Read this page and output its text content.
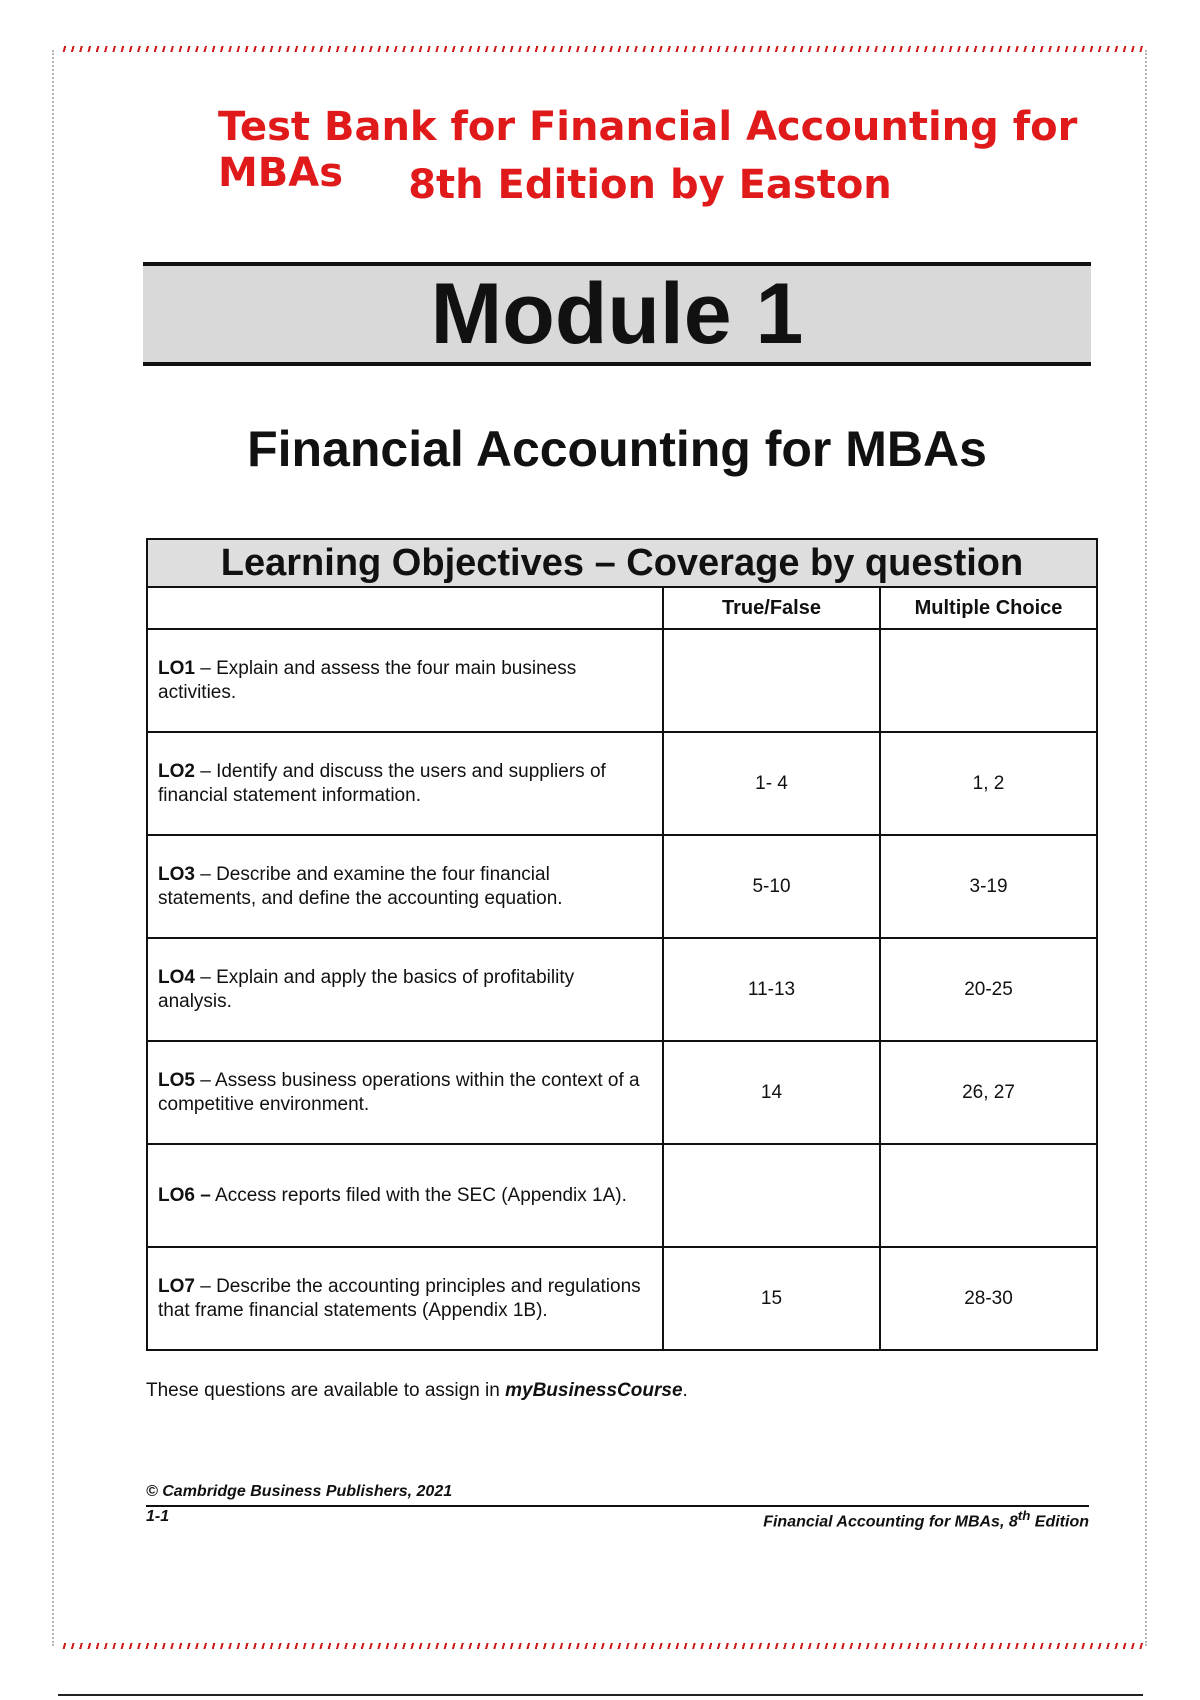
Test Bank for Financial Accounting for MBAs	8th Edition by Easton
Module 1
Financial Accounting for MBAs
Learning Objectives – Coverage by question		
	True/False	Multiple Choice
LO1 – Explain and assess the four main business activities.		
LO2 – Identify and discuss the users and suppliers of financial statement information.	1- 4	1, 2
LO3 – Describe and examine the four financial statements, and define the accounting equation.	5-10	3-19
LO4 – Explain and apply the basics of profitability analysis.	11-13	20-25
LO5 – Assess business operations within the context of a competitive environment.	14	26, 27
LO6 – Access reports filed with the SEC (Appendix 1A).		
LO7 – Describe the accounting principles and regulations that frame financial statements (Appendix 1B).	15	28-30
These questions are available to assign in myBusinessCourse.
© Cambridge Business Publishers, 2021
1-1	Financial Accounting for MBAs, 8th Edition
